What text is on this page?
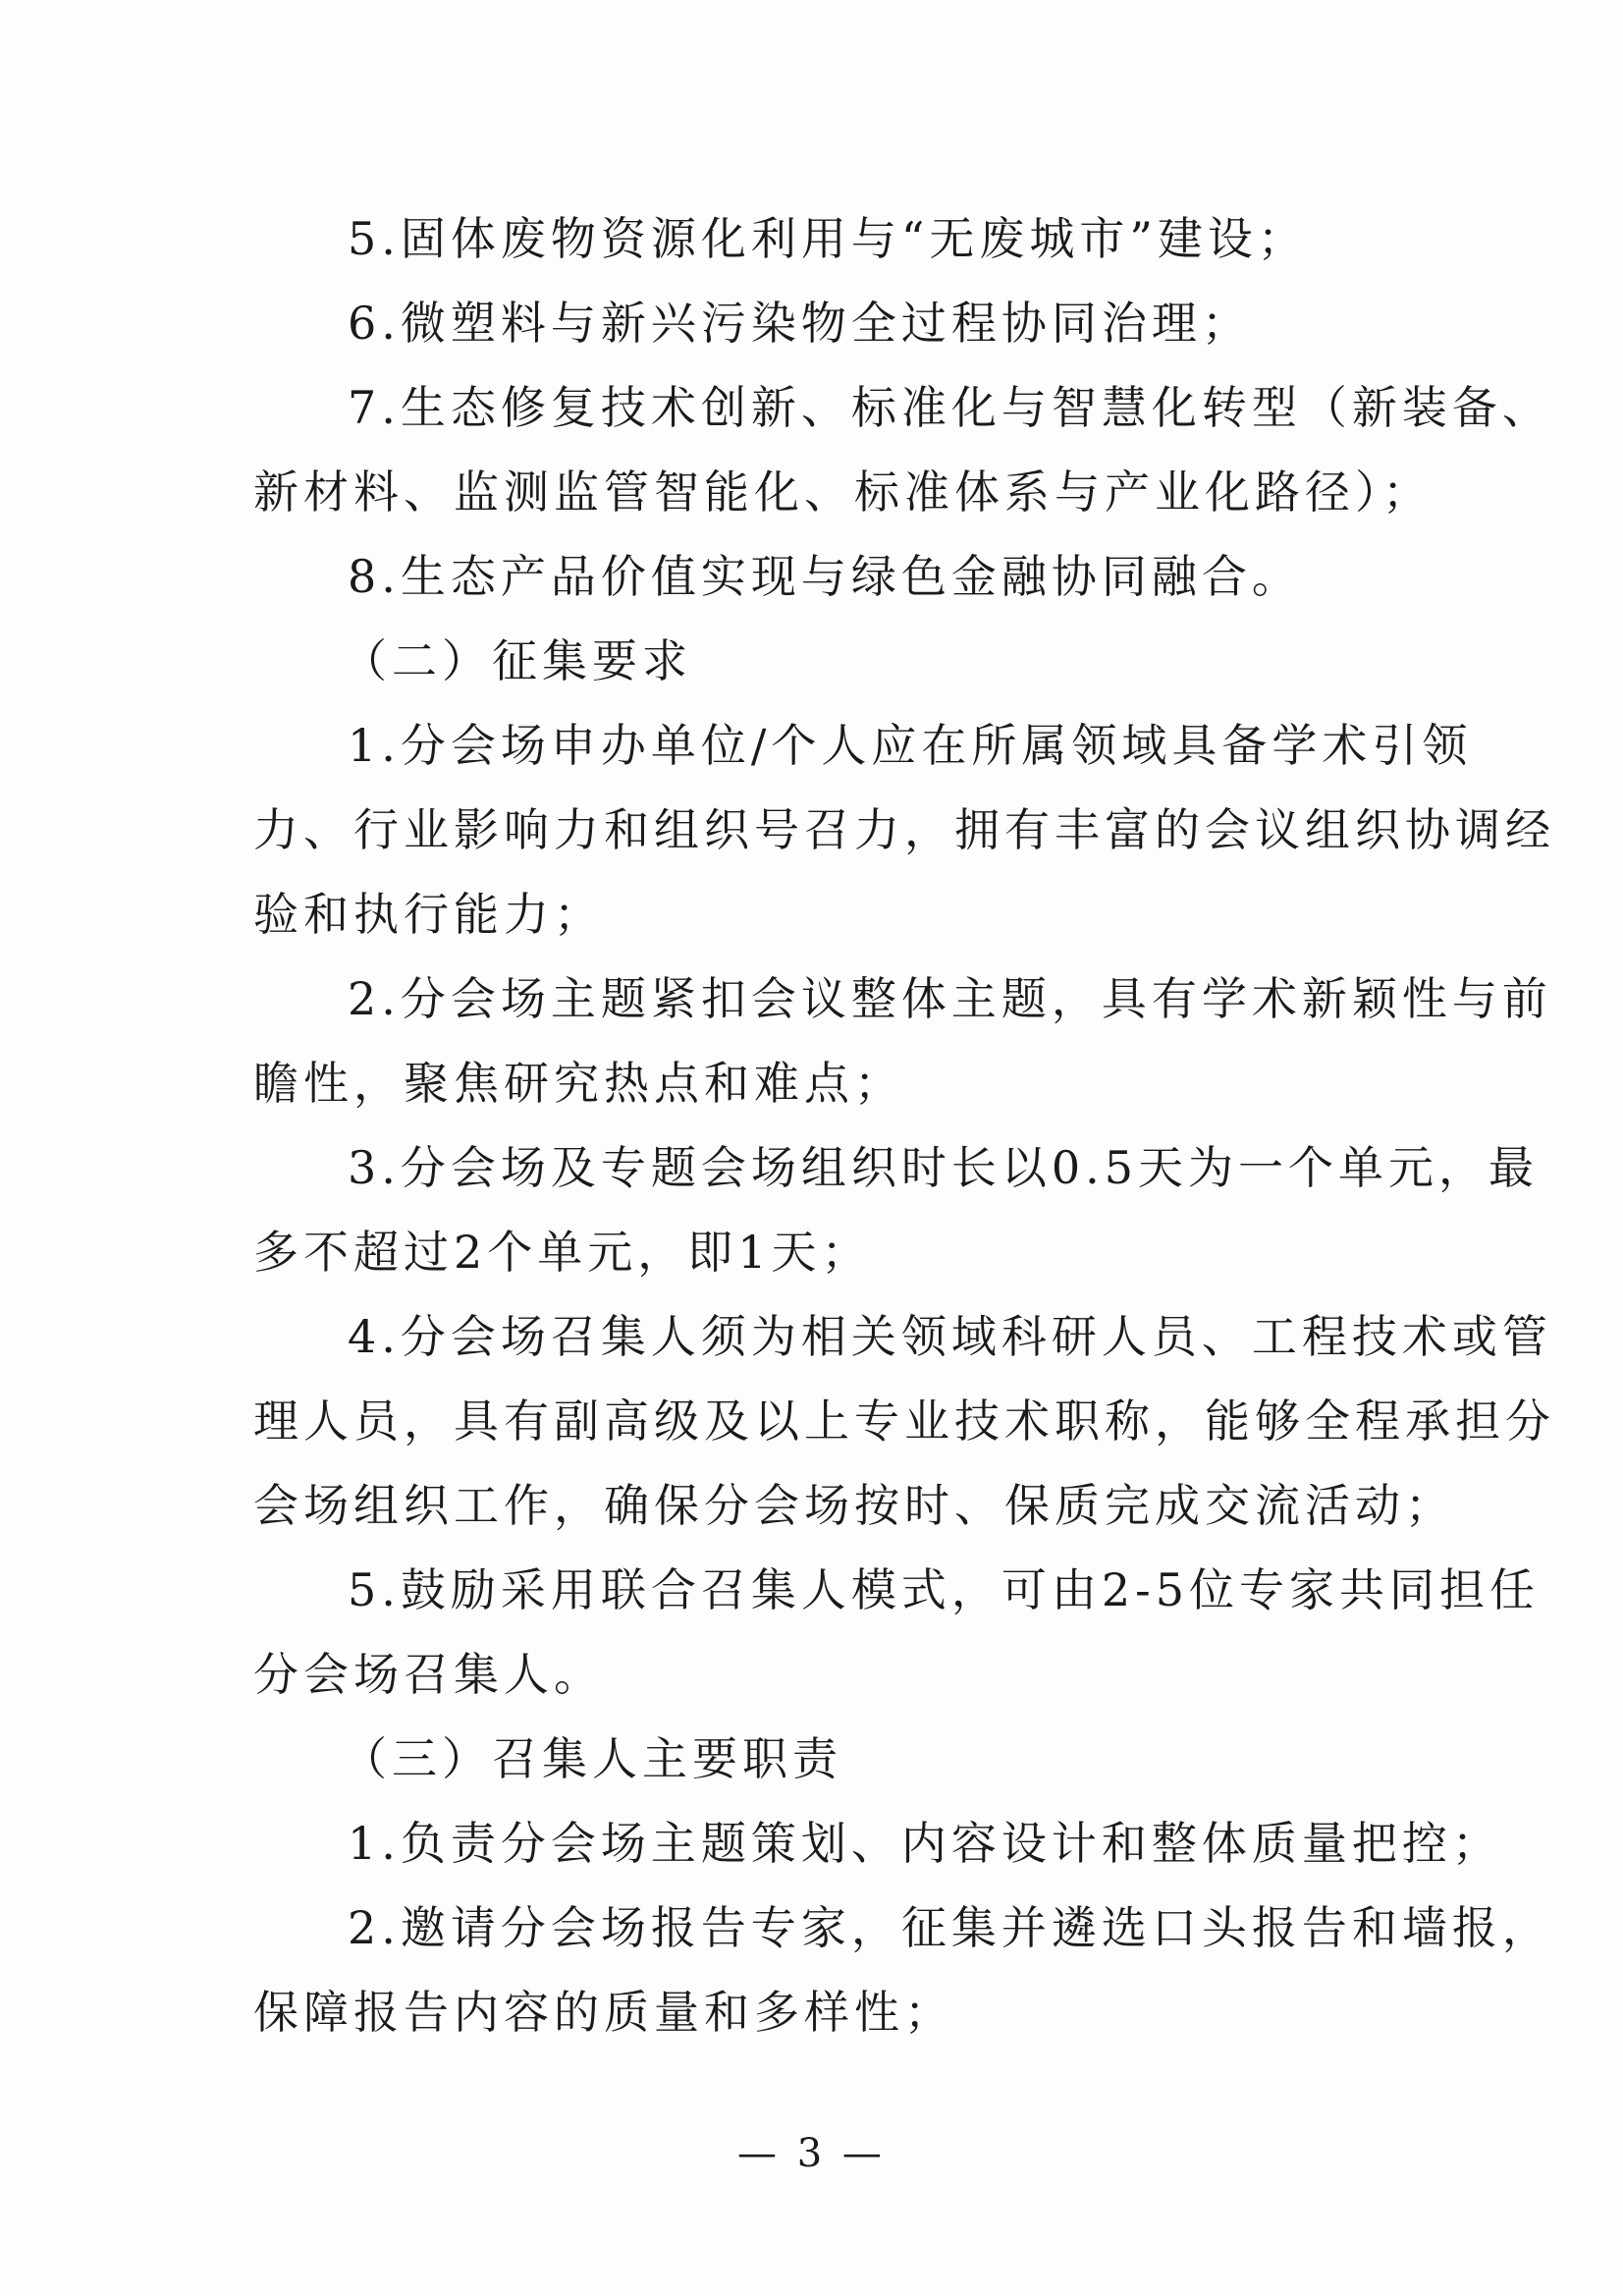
5.固体废物资源化利用与“无废城市”建设；
6.微塑料与新兴污染物全过程协同治理；
7.生态修复技术创新、标准化与智慧化转型（新装备、
新材料、监测监管智能化、标准体系与产业化路径）；
8.生态产品价值实现与绿色金融协同融合。
（二）征集要求
1.分会场申办单位/个人应在所属领域具备学术引领
力、行业影响力和组织号召力，拥有丰富的会议组织协调经
验和执行能力；
2.分会场主题紧扣会议整体主题，具有学术新颖性与前
瞻性，聚焦研究热点和难点；
3.分会场及专题会场组织时长以0.5天为一个单元，最
多不超过2个单元，即1天；
4.分会场召集人须为相关领域科研人员、工程技术或管
理人员，具有副高级及以上专业技术职称，能够全程承担分
会场组织工作，确保分会场按时、保质完成交流活动；
5.鼓励采用联合召集人模式，可由2-5位专家共同担任
分会场召集人。
（三）召集人主要职责
1.负责分会场主题策划、内容设计和整体质量把控；
2.邀请分会场报告专家，征集并遴选口头报告和墙报，
保障报告内容的质量和多样性；
— 3 —
